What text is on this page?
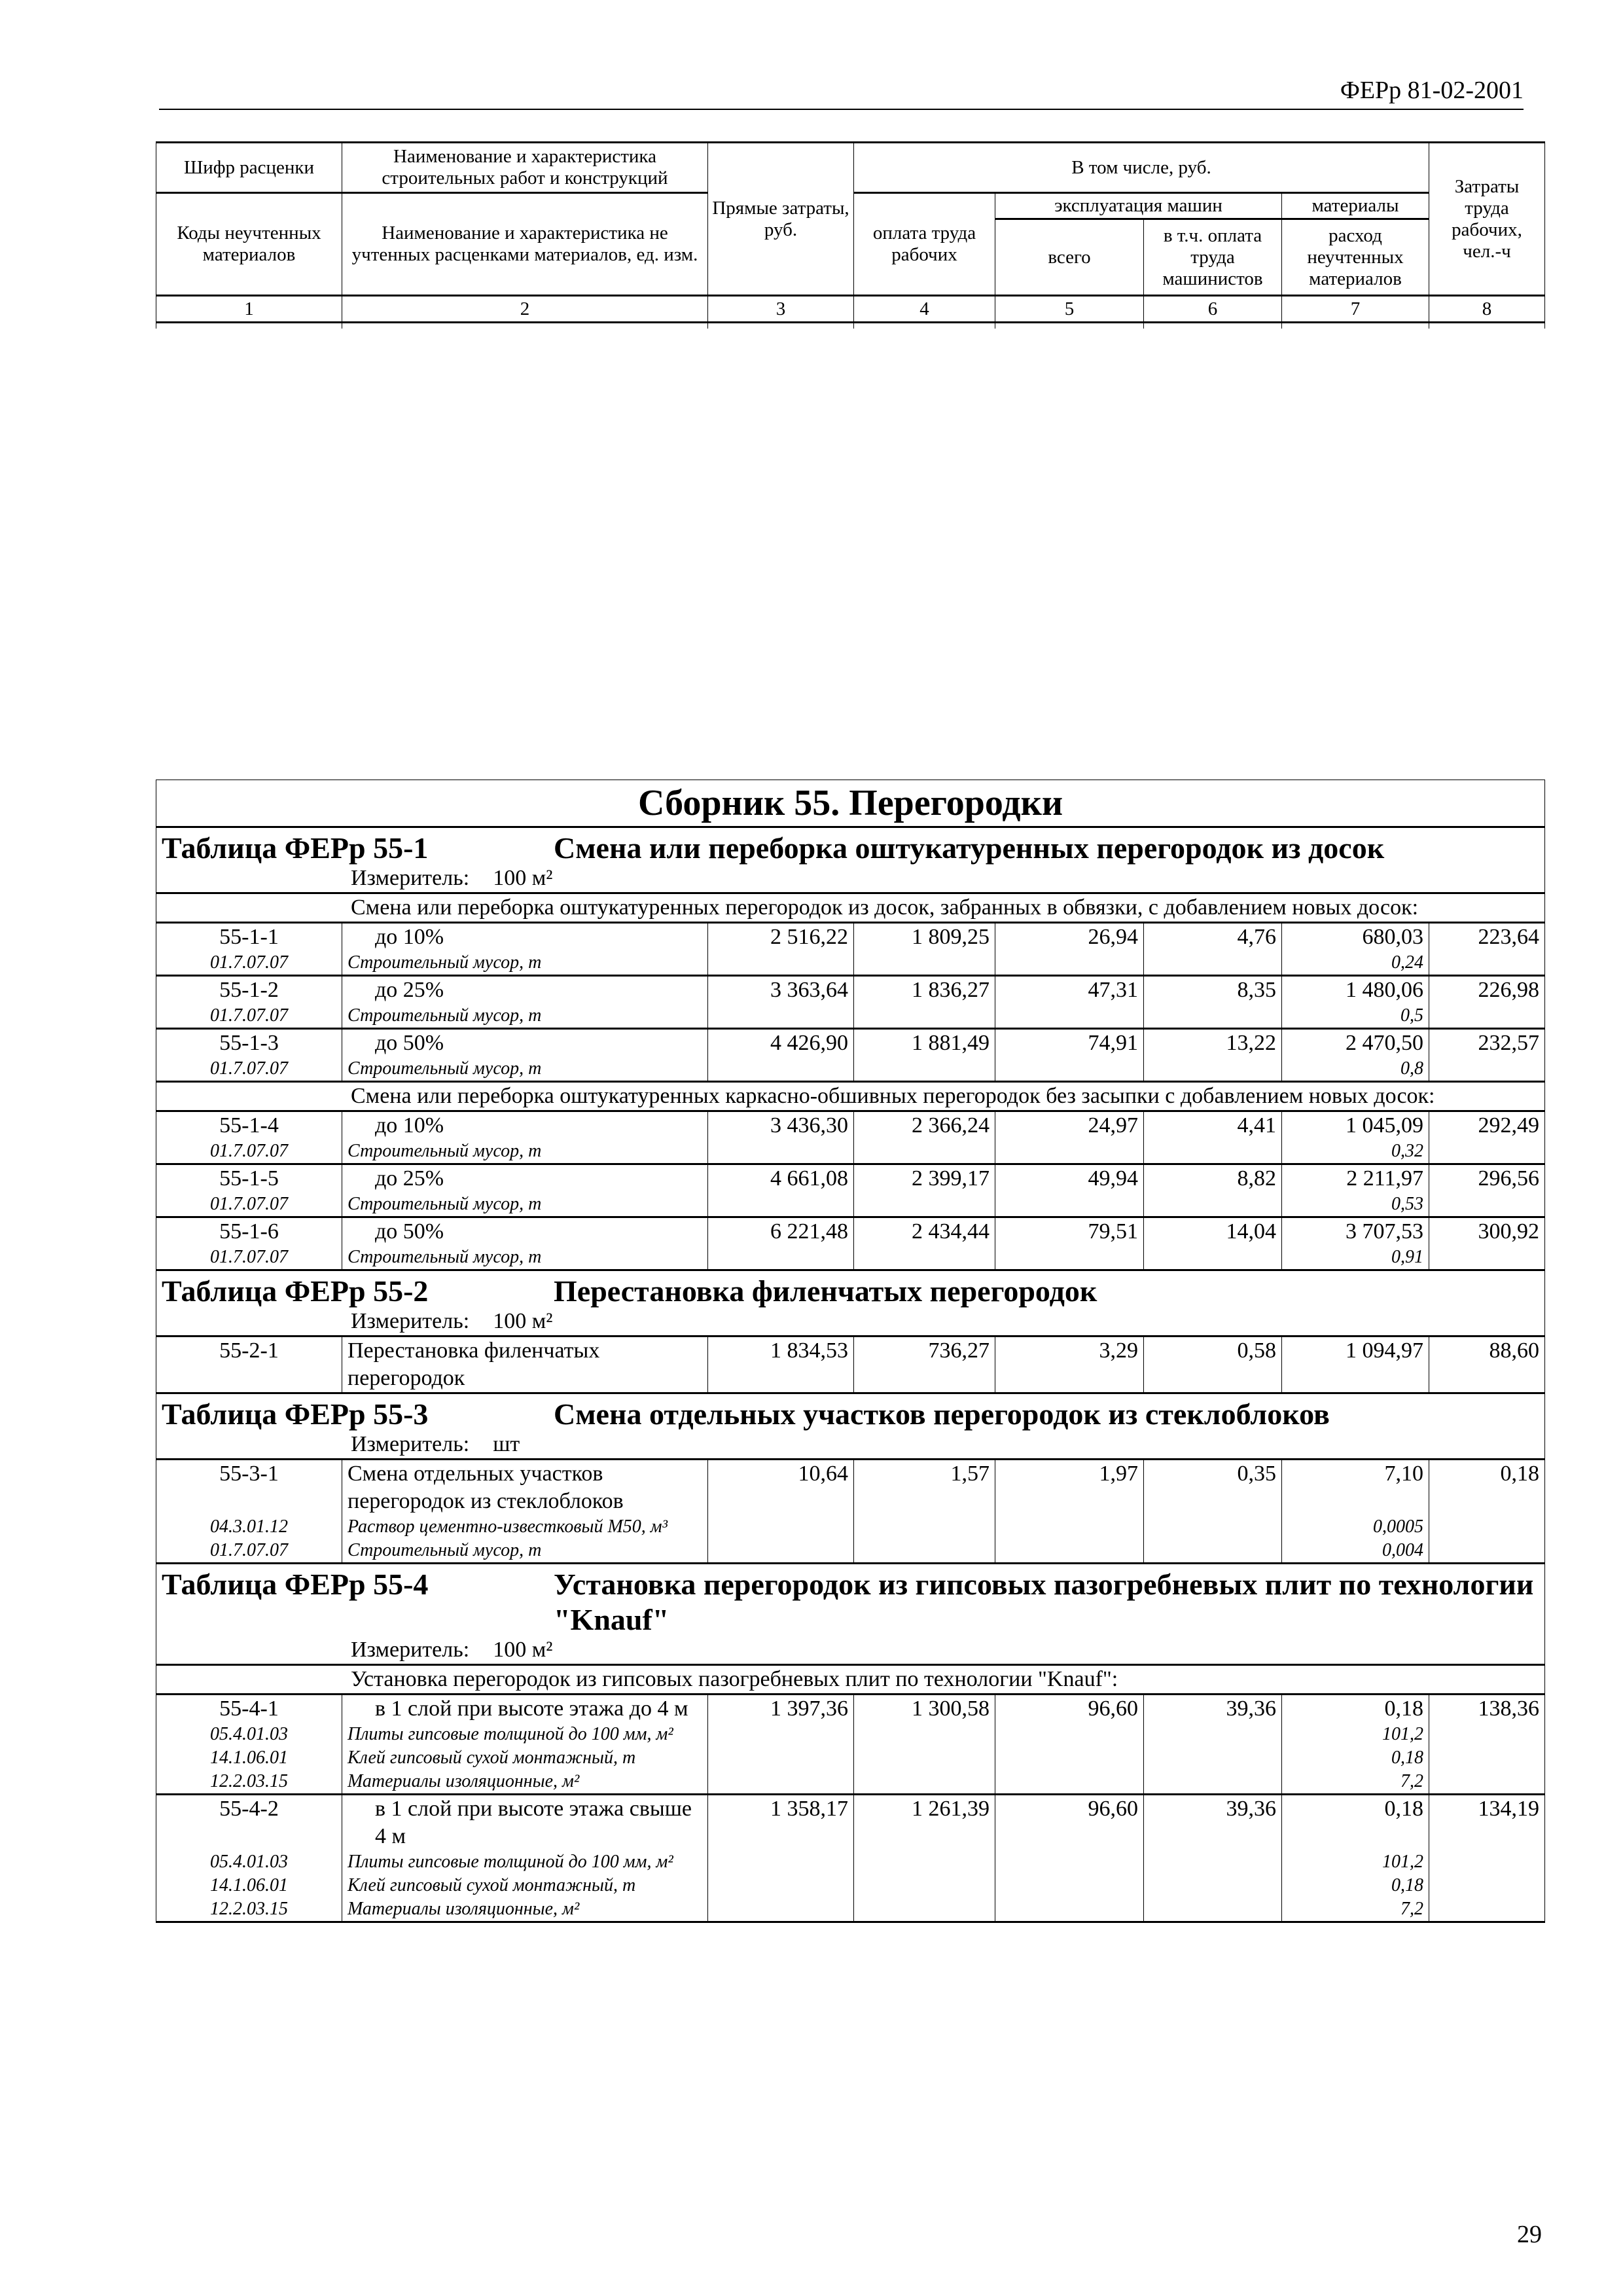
ФЕРр 81-02-2001
Шифр расценки	Наименование и характеристика строительных работ и конструкций	Прямые затраты, руб.	В том числе, руб.				Затраты труда рабочих, чел.-ч
Коды неучтенных материалов	Наименование и характеристика не учтенных расценками материалов, ед. изм.		оплата труда рабочих	эксплуатация машин		материалы	
				всего	в т.ч. оплата труда машинистов	расход неучтенных материалов	
1	2	3	4	5	6	7	8

Сборник 55. Перегородки							

Таблица ФЕРр 55-1 Смена или переборка оштукатуренных перегородок из досок
Измеритель: 100 м²							

Смена или переборка оштукатуренных перегородок из досок, забранных в обвязки, с добавлением новых досок:							
55-1-1	до 10%	2 516,22	1 809,25	26,94	4,76	680,03	223,64
01.7.07.07	Строительный мусор, т					0,24	
55-1-2	до 25%	3 363,64	1 836,27	47,31	8,35	1 480,06	226,98
01.7.07.07	Строительный мусор, т					0,5	
55-1-3	до 50%	4 426,90	1 881,49	74,91	13,22	2 470,50	232,57
01.7.07.07	Строительный мусор, т					0,8	
Смена или переборка оштукатуренных каркасно-обшивных перегородок без засыпки с добавлением новых досок:							
55-1-4	до 10%	3 436,30	2 366,24	24,97	4,41	1 045,09	292,49
01.7.07.07	Строительный мусор, т					0,32	
55-1-5	до 25%	4 661,08	2 399,17	49,94	8,82	2 211,97	296,56
01.7.07.07	Строительный мусор, т					0,53	
55-1-6	до 50%	6 221,48	2 434,44	79,51	14,04	3 707,53	300,92
01.7.07.07	Строительный мусор, т					0,91	

Таблица ФЕРр 55-2 Перестановка филенчатых перегородок
Измеритель: 100 м²							

55-2-1	Перестановка филенчатых перегородок	1 834,53	736,27	3,29	0,58	1 094,97	88,60

Таблица ФЕРр 55-3 Смена отдельных участков перегородок из стеклоблоков
Измеритель: шт							

55-3-1	Смена отдельных участков перегородок из стеклоблоков	10,64	1,57	1,97	0,35	7,10	0,18
04.3.01.12	Раствор цементно-известковый М50, м³					0,0005	
01.7.07.07	Строительный мусор, т					0,004	

Таблица ФЕРр 55-4 Установка перегородок из гипсовых пазогребневых плит по технологии "Knauf"
Измеритель: 100 м²							

Установка перегородок из гипсовых пазогребневых плит по технологии "Knauf":							
55-4-1	в 1 слой при высоте этажа до 4 м	1 397,36	1 300,58	96,60	39,36	0,18	138,36
05.4.01.03	Плиты гипсовые толщиной до 100 мм, м²					101,2	
14.1.06.01	Клей гипсовый сухой монтажный, т					0,18	
12.2.03.15	Материалы изоляционные, м²					7,2	
55-4-2	в 1 слой при высоте этажа свыше 4 м	1 358,17	1 261,39	96,60	39,36	0,18	134,19
05.4.01.03	Плиты гипсовые толщиной до 100 мм, м²					101,2	
14.1.06.01	Клей гипсовый сухой монтажный, т					0,18	
12.2.03.15	Материалы изоляционные, м²					7,2	
29
